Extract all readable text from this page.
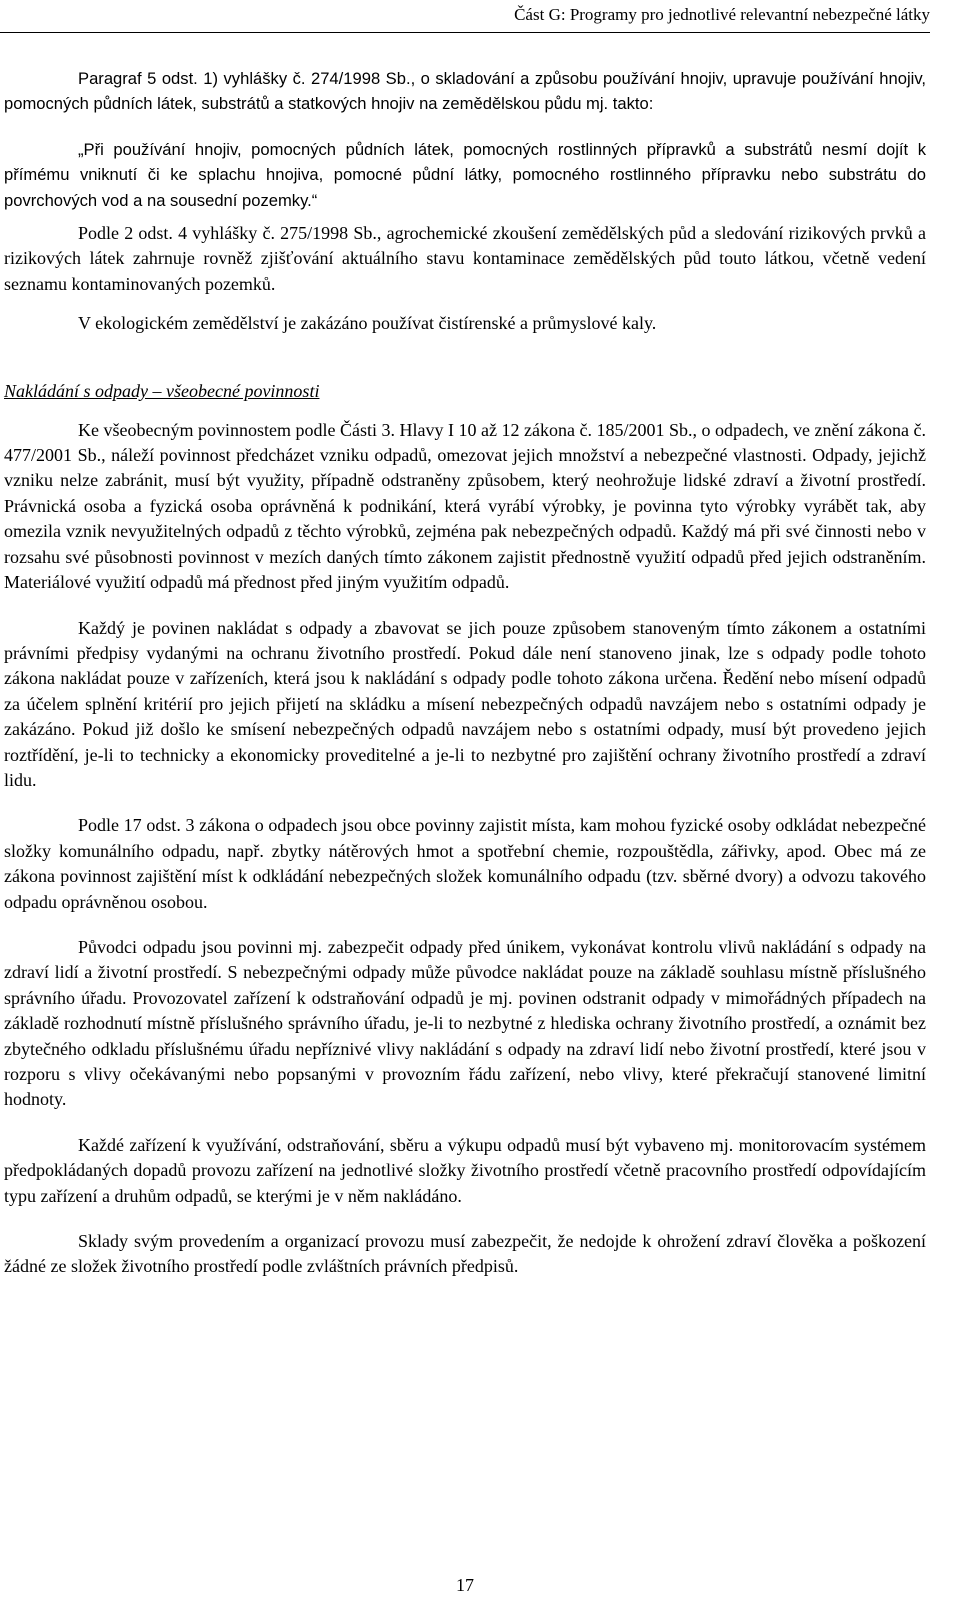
Část G: Programy pro jednotlivé relevantní nebezpečné látky

Paragraf 5 odst. 1) vyhlášky č. 274/1998 Sb., o skladování a způsobu používání hnojiv, upravuje používání hnojiv, pomocných půdních látek, substrátů a statkových hnojiv na zemědělskou půdu mj. takto:

„Při používání hnojiv, pomocných půdních látek, pomocných rostlinných přípravků a substrátů nesmí dojít k přímému vniknutí či ke splachu hnojiva, pomocné půdní látky, pomocného rostlinného přípravku nebo substrátu do povrchových vod a na sousední pozemky.“

Podle 2 odst. 4 vyhlášky č. 275/1998 Sb., agrochemické zkoušení zemědělských půd a sledování rizikových prvků a rizikových látek zahrnuje rovněž zjišťování aktuálního stavu kontaminace zemědělských půd touto látkou, včetně vedení seznamu kontaminovaných pozemků.

V ekologickém zemědělství je zakázáno používat čistírenské a průmyslové kaly.

Nakládání s odpady – všeobecné povinnosti

Ke všeobecným povinnostem podle Části 3. Hlavy I 10 až 12 zákona č. 185/2001 Sb., o odpadech, ve znění zákona č. 477/2001 Sb., náleží povinnost předcházet vzniku odpadů, omezovat jejich množství a nebezpečné vlastnosti. Odpady, jejichž vzniku nelze zabránit, musí být využity, případně odstraněny způsobem, který neohrožuje lidské zdraví a životní prostředí. Právnická osoba a fyzická osoba oprávněná k podnikání, která vyrábí výrobky, je povinna tyto výrobky vyrábět tak, aby omezila vznik nevyužitelných odpadů z těchto výrobků, zejména pak nebezpečných odpadů. Každý má při své činnosti nebo v rozsahu své působnosti povinnost v mezích daných tímto zákonem zajistit přednostně využití odpadů před jejich odstraněním. Materiálové využití odpadů má přednost před jiným využitím odpadů.

Každý je povinen nakládat s odpady a zbavovat se jich pouze způsobem stanoveným tímto zákonem a ostatními právními předpisy vydanými na ochranu životního prostředí. Pokud dále není stanoveno jinak, lze s odpady podle tohoto zákona nakládat pouze v zařízeních, která jsou k nakládání s odpady podle tohoto zákona určena. Ředění nebo mísení odpadů za účelem splnění kritérií pro jejich přijetí na skládku a mísení nebezpečných odpadů navzájem nebo s ostatními odpady je zakázáno. Pokud již došlo ke smísení nebezpečných odpadů navzájem nebo s ostatními odpady, musí být provedeno jejich roztřídění, je-li to technicky a ekonomicky proveditelné a je-li to nezbytné pro zajištění ochrany životního prostředí a zdraví lidu.

Podle 17 odst. 3 zákona o odpadech jsou obce povinny zajistit místa, kam mohou fyzické osoby odkládat nebezpečné složky komunálního odpadu, např. zbytky nátěrových hmot a spotřební chemie, rozpouštědla, zářivky, apod. Obec má ze zákona povinnost zajištění míst k odkládání nebezpečných složek komunálního odpadu (tzv. sběrné dvory) a odvozu takového odpadu oprávněnou osobou.

Původci odpadu jsou povinni mj. zabezpečit odpady před únikem, vykonávat kontrolu vlivů nakládání s odpady na zdraví lidí a životní prostředí. S nebezpečnými odpady může původce nakládat pouze na základě souhlasu místně příslušného správního úřadu. Provozovatel zařízení k odstraňování odpadů je mj. povinen odstranit odpady v mimořádných případech na základě rozhodnutí místně příslušného správního úřadu, je-li to nezbytné z hlediska ochrany životního prostředí, a oznámit bez zbytečného odkladu příslušnému úřadu nepříznivé vlivy nakládání s odpady na zdraví lidí nebo životní prostředí, které jsou v rozporu s vlivy očekávanými nebo popsanými v provozním řádu zařízení, nebo vlivy, které překračují stanovené limitní hodnoty.

Každé zařízení k využívání, odstraňování, sběru a výkupu odpadů musí být vybaveno mj. monitorovacím systémem předpokládaných dopadů provozu zařízení na jednotlivé složky životního prostředí včetně pracovního prostředí odpovídajícím typu zařízení a druhům odpadů, se kterými je v něm nakládáno.

Sklady svým provedením a organizací provozu musí zabezpečit, že nedojde k ohrožení zdraví člověka a poškození žádné ze složek životního prostředí podle zvláštních právních předpisů.

17
